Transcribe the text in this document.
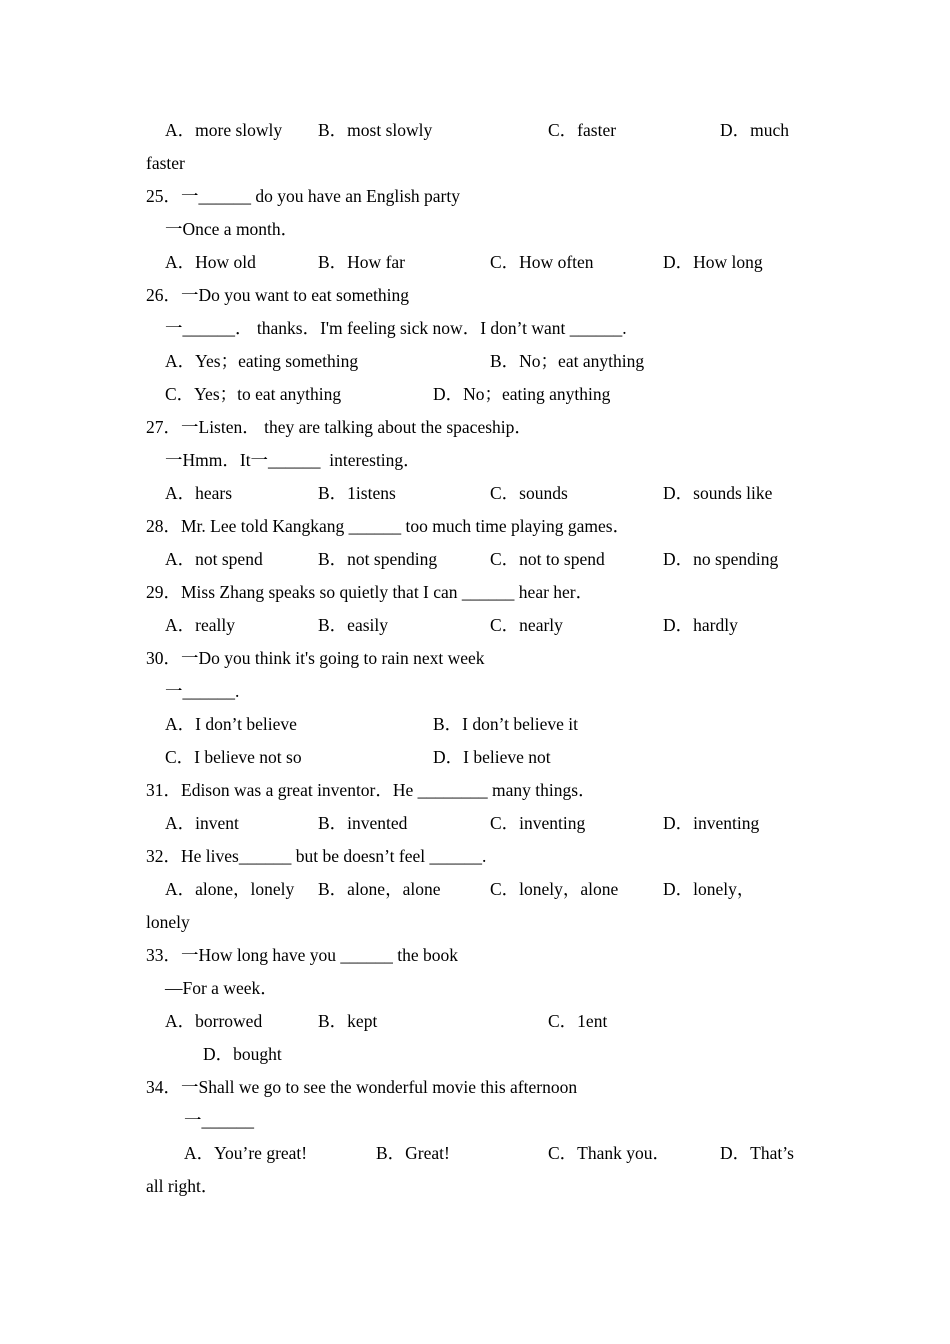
A．more slowly B．most slowly	C．faster	D．much
faster
25．一______ do you have an English party
一Once a month．
A．How old	B．How far	C．How often	D．How long
26．一Do you want to eat something
一______． thanks．I'm feeling sick now．I don’t want ______.
A．Yes；eating something	B．No；eat anything
C．Yes；to eat anything	D．No；eating anything
27．一Listen． they are talking about the spaceship．
一Hmm．It一______  interesting．
A．hears	B．1istens	C．sounds	D．sounds like
28．Mr. Lee told Kangkang ______ too much time playing games．
A．not spend	B．not spending	C．not to spend	D．no spending
29．Miss Zhang speaks so quietly that I can ______ hear her．
A．really	B．easily	C．nearly	D．hardly
30．一Do you think it's going to rain next week
一______.
A．I don’t believe	B．I don’t believe it
C．I believe not so	D．I believe not
31．Edison was a great inventor．He ________ many things．
A．invent	B．invented	C．inventing	D．inventing
32．He lives______ but be doesn’t feel ______.
A．alone，lonely B．alone，alone	C．lonely，alone	D．lonely，
lonely
33．一How long have you ______ the book
—For a week．
A．borrowed	B．kept	C．1ent
D．bought
34．一Shall we go to see the wonderful movie this afternoon
一______
A．You’re great!	B．Great!	C．Thank you．	D．That’s
all right．
